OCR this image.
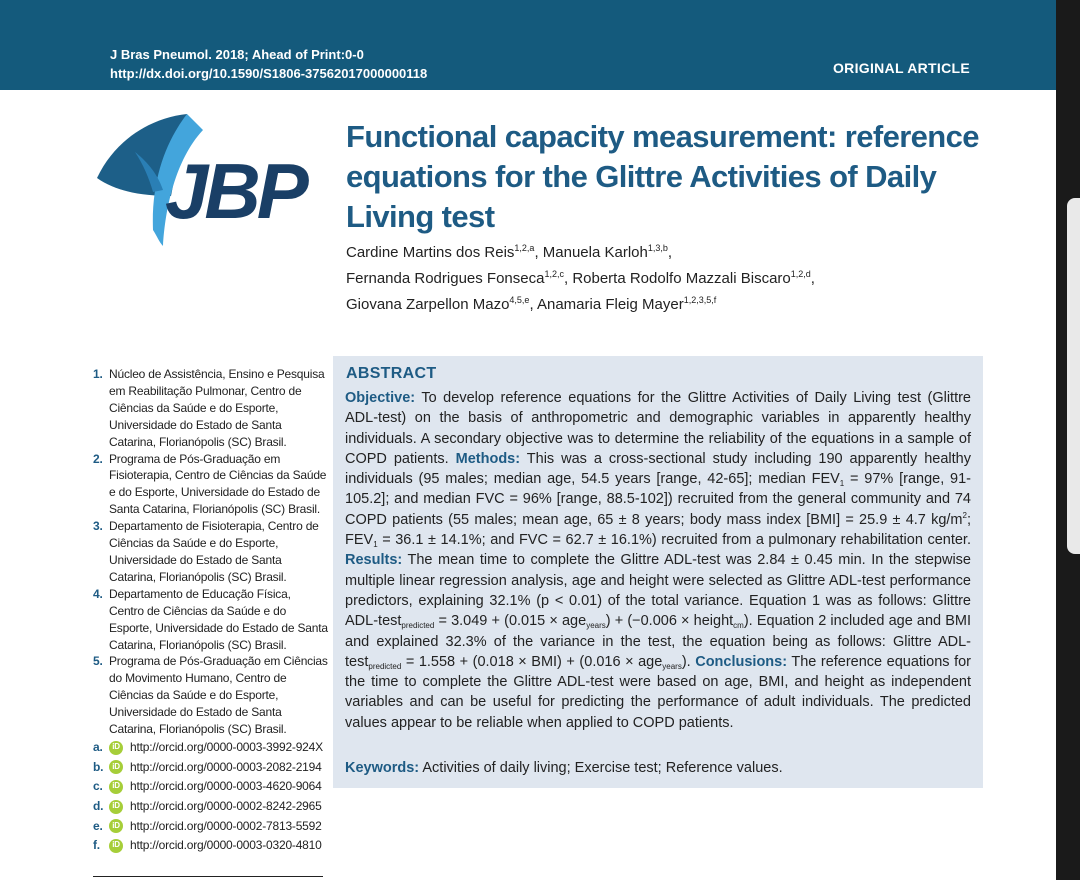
J Bras Pneumol. 2018; Ahead of Print:0-0
http://dx.doi.org/10.1590/S1806-37562017000000118	ORIGINAL ARTICLE
JBP
Functional capacity measurement: reference equations for the Glittre Activities of Daily Living test
Cardine Martins dos Reis$^{1,2,a}$, Manuela Karloh$^{1,3,b}$,
Fernanda Rodrigues Fonseca$^{1,2,c}$, Roberta Rodolfo Mazzali Biscaro$^{1,2,d}$,
Giovana Zarpellon Mazo$^{4,5,e}$, Anamaria Fleig Mayer$^{1,2,3,5,f}$
1. Núcleo de Assistência, Ensino e Pesquisa em Reabilitação Pulmonar, Centro de Ciências da Saúde e do Esporte, Universidade do Estado de Santa Catarina, Florianópolis (SC) Brasil.
2. Programa de Pós-Graduação em Fisioterapia, Centro de Ciências da Saúde e do Esporte, Universidade do Estado de Santa Catarina, Florianópolis (SC) Brasil.
3. Departamento de Fisioterapia, Centro de Ciências da Saúde e do Esporte, Universidade do Estado de Santa Catarina, Florianópolis (SC) Brasil.
4. Departamento de Educação Física, Centro de Ciências da Saúde e do Esporte, Universidade do Estado de Santa Catarina, Florianópolis (SC) Brasil.
5. Programa de Pós-Graduação em Ciências do Movimento Humano, Centro de Ciências da Saúde e do Esporte, Universidade do Estado de Santa Catarina, Florianópolis (SC) Brasil.
a.	iD http://orcid.org/0000-0003-3992-924X
b.	iD http://orcid.org/0000-0003-2082-2194
c.	iD http://orcid.org/0000-0003-4620-9064
d.	iD http://orcid.org/0000-0002-8242-2965
e.	iD http://orcid.org/0000-0002-7813-5592
f.	iD http://orcid.org/0000-0003-0320-4810
ABSTRACT
Objective: To develop reference equations for the Glittre Activities of Daily Living test (Glittre ADL-test) on the basis of anthropometric and demographic variables in apparently healthy individuals. A secondary objective was to determine the reliability of the equations in a sample of COPD patients. Methods: This was a cross-sectional study including 190 apparently healthy individuals (95 males; median age, 54.5 years [range, 42-65]; median $FEV_1 = 97\%$ [range, 91-105.2]; and median FVC = 96% [range, 88.5-102]) recruited from the general community and 74 COPD patients (55 males; mean age, 65 ± 8 years; body mass index [BMI] = 25.9 ± 4.7 $kg/m^2$; $FEV_1 = 36.1 \pm 14.1\%$; and FVC = 62.7 ± 16.1%) recruited from a pulmonary rehabilitation center. Results: The mean time to complete the Glittre ADL-test was 2.84 ± 0.45 min. In the stepwise multiple linear regression analysis, age and height were selected as Glittre ADL-test performance predictors, explaining 32.1% (p < 0.01) of the total variance. Equation 1 was as follows: Glittre ADL-test$_{predicted}$ = 3.049 + (0.015 × age$_{years}$) + (−0.006 × height$_{cm}$). Equation 2 included age and BMI and explained 32.3% of the variance in the test, the equation being as follows: Glittre ADL-test$_{predicted}$ = 1.558 + (0.018 × BMI) + (0.016 × age$_{years}$). Conclusions: The reference equations for the time to complete the Glittre ADL-test were based on age, BMI, and height as independent variables and can be useful for predicting the performance of adult individuals. The predicted values appear to be reliable when applied to COPD patients.
Keywords: Activities of daily living; Exercise test; Reference values.
